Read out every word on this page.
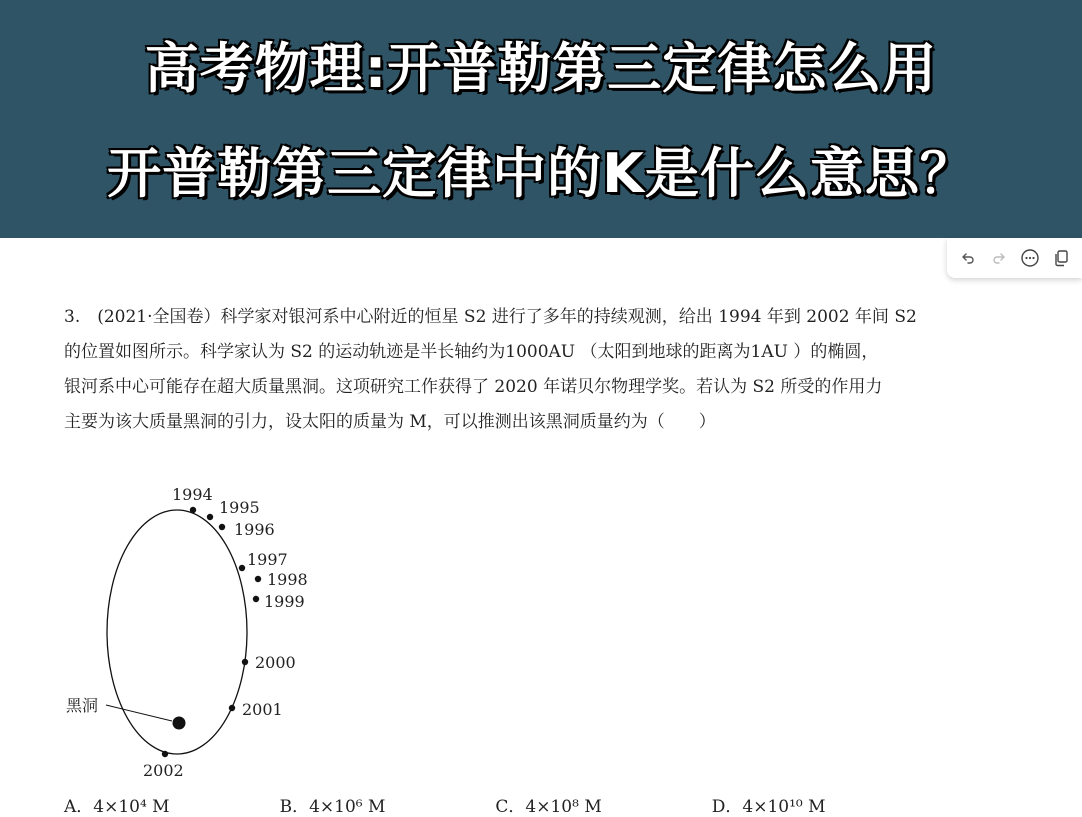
高考物理:开普勒第三定律怎么用
开普勒第三定律中的K是什么意思？

3.　(2021·全国卷）科学家对银河系中心附近的恒星 S2 进行了多年的持续观测，给出 1994 年到 2002 年间 S2

的位置如图所示。科学家认为 S2 的运动轨迹是半长轴约为1000AU （太阳到地球的距离为1AU ）的椭圆，

银河系中心可能存在超大质量黑洞。这项研究工作获得了 2020 年诺贝尔物理学奖。若认为 S2 所受的作用力

主要为该大质量黑洞的引力，设太阳的质量为 M，可以推测出该黑洞质量约为（　　）

黑洞
1994
1995
1996
1997
1998
1999
2000
2001
2002
A．4×10⁴ M	B．4×10⁶ M	C．4×10⁸ M	D．4×10¹⁰ M
